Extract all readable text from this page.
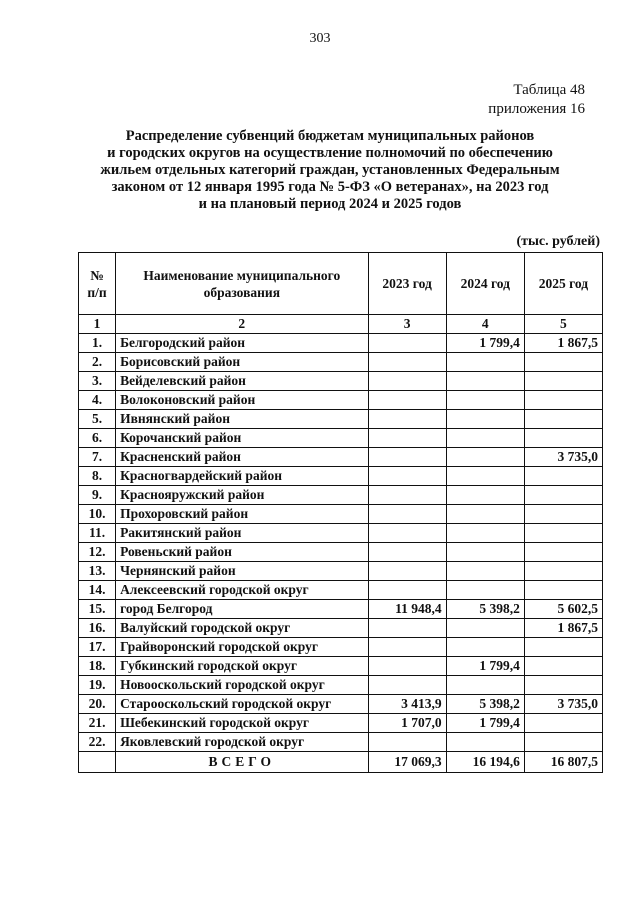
303
Таблица 48
приложения 16
Распределение субвенций бюджетам муниципальных районов
и городских округов на осуществление полномочий по обеспечению
жильем отдельных категорий граждан, установленных Федеральным
законом от 12 января 1995 года № 5-ФЗ «О ветеранах», на 2023 год
и на плановый период 2024 и 2025 годов
(тыс. рублей)
№ п/п	Наименование муниципального образования	2023 год	2024 год	2025 год
1	2	3	4	5
1.	Белгородский район		1 799,4	1 867,5
2.	Борисовский район			
3.	Вейделевский район			
4.	Волоконовский район			
5.	Ивнянский район			
6.	Корочанский район			
7.	Красненский район			3 735,0
8.	Красногвардейский район			
9.	Краснояружский район			
10.	Прохоровский район			
11.	Ракитянский район			
12.	Ровеньский район			
13.	Чернянский район			
14.	Алексеевский городской округ			
15.	город Белгород	11 948,4	5 398,2	5 602,5
16.	Валуйский городской округ			1 867,5
17.	Грайворонский городской округ			
18.	Губкинский городской округ		1 799,4	
19.	Новооскольский городской округ			
20.	Старооскольский городской округ	3 413,9	5 398,2	3 735,0
21.	Шебекинский городской округ	1 707,0	1 799,4	
22.	Яковлевский городской округ			
	ВСЕГО	17 069,3	16 194,6	16 807,5
